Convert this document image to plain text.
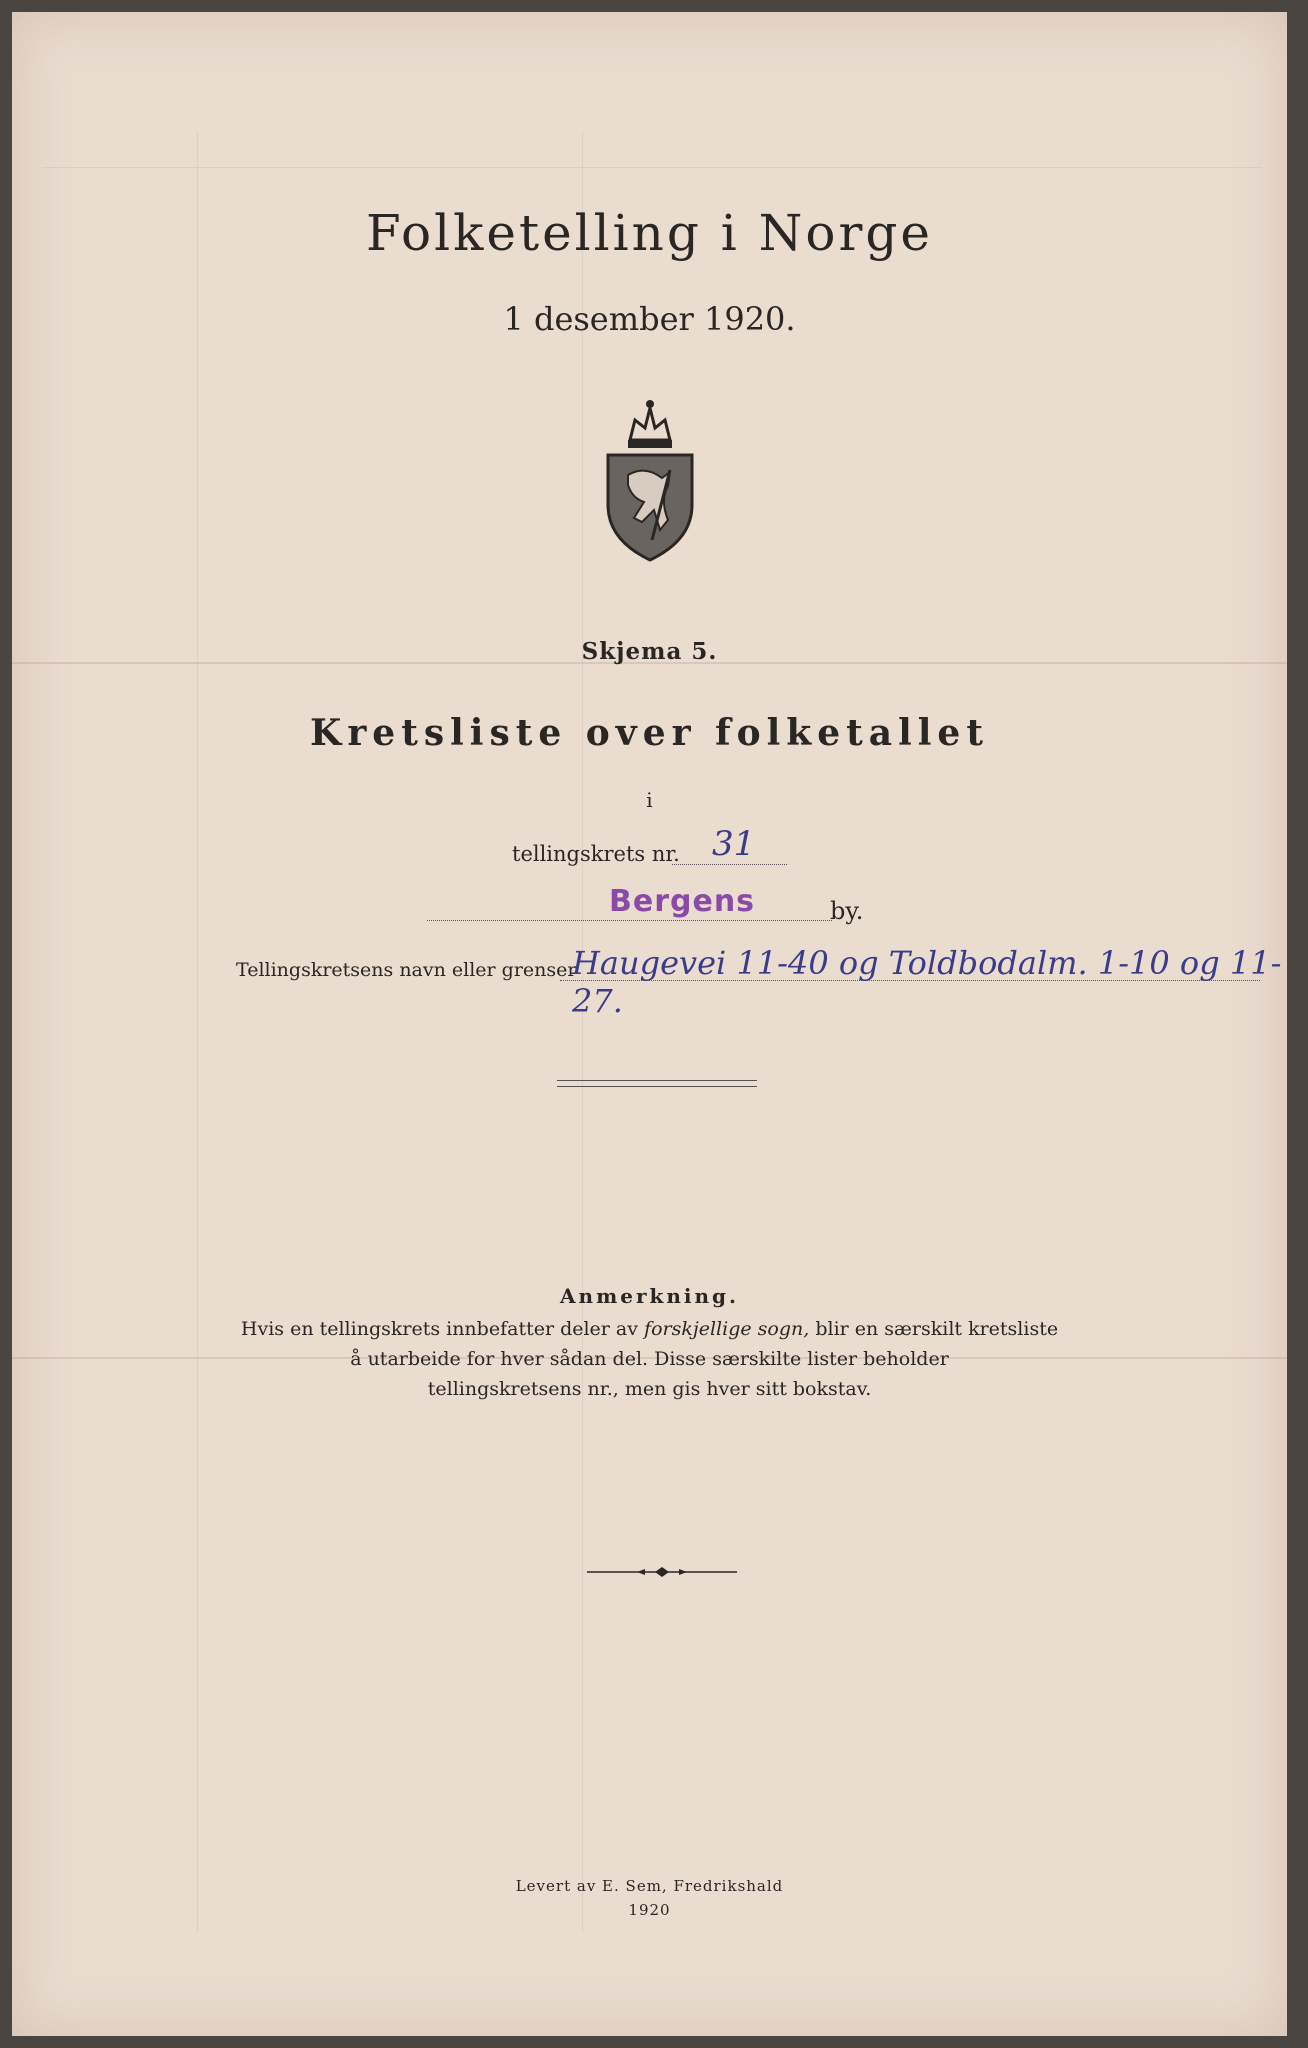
Folketelling i Norge
1 desember 1920.
Skjema 5.
Kretsliste over folketallet
i
tellingskrets nr. 31
Bergens	by.
Tellingskretsens navn eller grenser
Haugevei 11-40 og Toldbodalm. 1-10 og 11-27.
Anmerkning.
Hvis en tellingskrets innbefatter deler av forskjellige sogn, blir en særskilt kretsliste
å utarbeide for hver sådan del. Disse særskilte lister beholder
tellingskretsens nr., men gis hver sitt bokstav.
Levert av E. Sem, Fredrikshald
1920
